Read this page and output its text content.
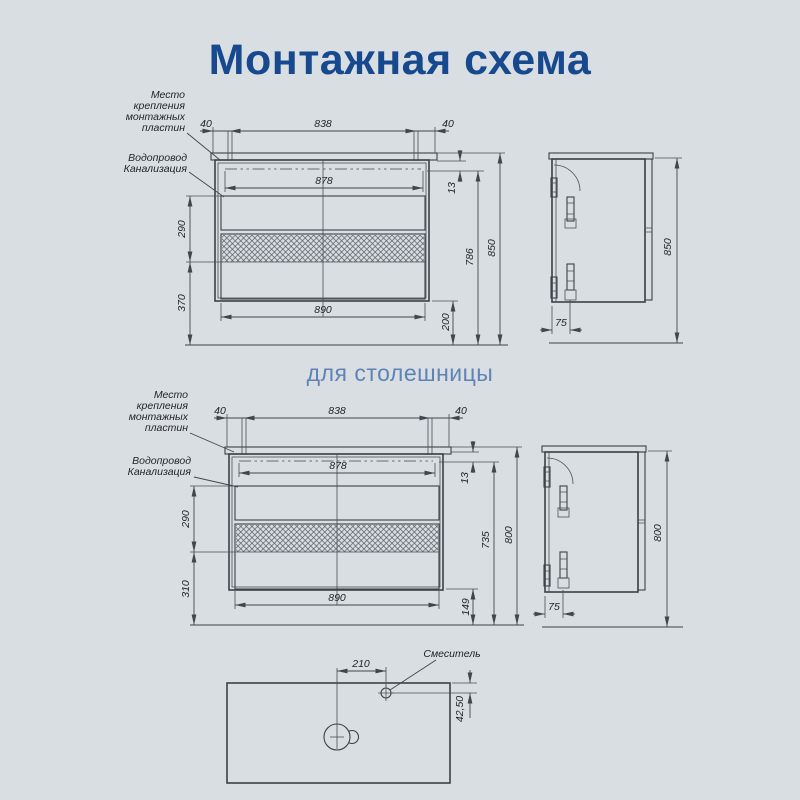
Монтажная схема
для столешницы
40	838	40
878
13
290
370	890
200
786
850
Место
крепления
монтажных
пластин
Водопровод
Канализация
850
75
40	838	40
878
13
290
310
890
149
735 800
Место
крепления
монтажных
пластин
Водопровод
Канализация
800
75
210
42,50
Смеситель
